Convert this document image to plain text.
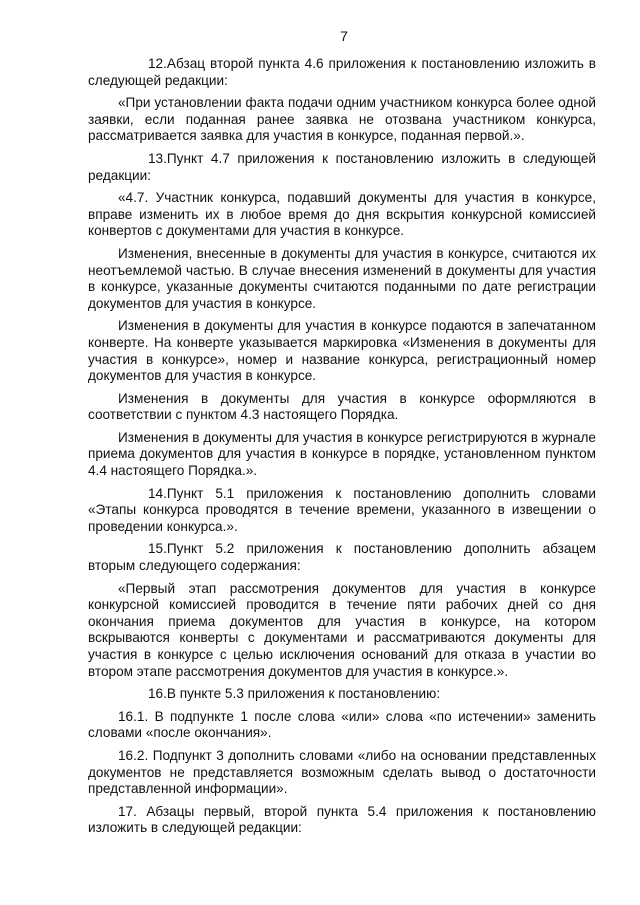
7

12.Абзац второй пункта 4.6 приложения к постановлению изложить в следующей редакции:

«При установлении факта подачи одним участником конкурса более одной заявки, если поданная ранее заявка не отозвана участником конкурса, рассматривается заявка для участия в конкурсе, поданная первой.».

13.Пункт 4.7 приложения к постановлению изложить в следующей редакции:

«4.7. Участник конкурса, подавший документы для участия в конкурсе, вправе изменить их в любое время до дня вскрытия конкурсной комиссией конвертов с документами для участия в конкурсе.

Изменения, внесенные в документы для участия в конкурсе, считаются их неотъемлемой частью. В случае внесения изменений в документы для участия в конкурсе, указанные документы считаются поданными по дате регистрации документов для участия в конкурсе.

Изменения в документы для участия в конкурсе подаются в запечатанном конверте. На конверте указывается маркировка «Изменения в документы для участия в конкурсе», номер и название конкурса, регистрационный номер документов для участия в конкурсе.

Изменения в документы для участия в конкурсе оформляются в соответствии с пунктом 4.3 настоящего Порядка.

Изменения в документы для участия в конкурсе регистрируются в журнале приема документов для участия в конкурсе в порядке, установленном пунктом 4.4 настоящего Порядка.».

14.Пункт 5.1 приложения к постановлению дополнить словами «Этапы конкурса проводятся в течение времени, указанного в извещении о проведении конкурса.».

15.Пункт 5.2 приложения к постановлению дополнить абзацем вторым следующего содержания:

«Первый этап рассмотрения документов для участия в конкурсе конкурсной комиссией проводится в течение пяти рабочих дней со дня окончания приема документов для участия в конкурсе, на котором вскрываются конверты с документами и рассматриваются документы для участия в конкурсе с целью исключения оснований для отказа в участии во втором этапе рассмотрения документов для участия в конкурсе.».

16.В пункте 5.3 приложения к постановлению:

16.1. В подпункте 1 после слова «или» слова «по истечении» заменить словами «после окончания».

16.2. Подпункт 3 дополнить словами «либо на основании представленных документов не представляется возможным сделать вывод о достаточности представленной информации».

17. Абзацы первый, второй пункта 5.4 приложения к постановлению изложить в следующей редакции:
